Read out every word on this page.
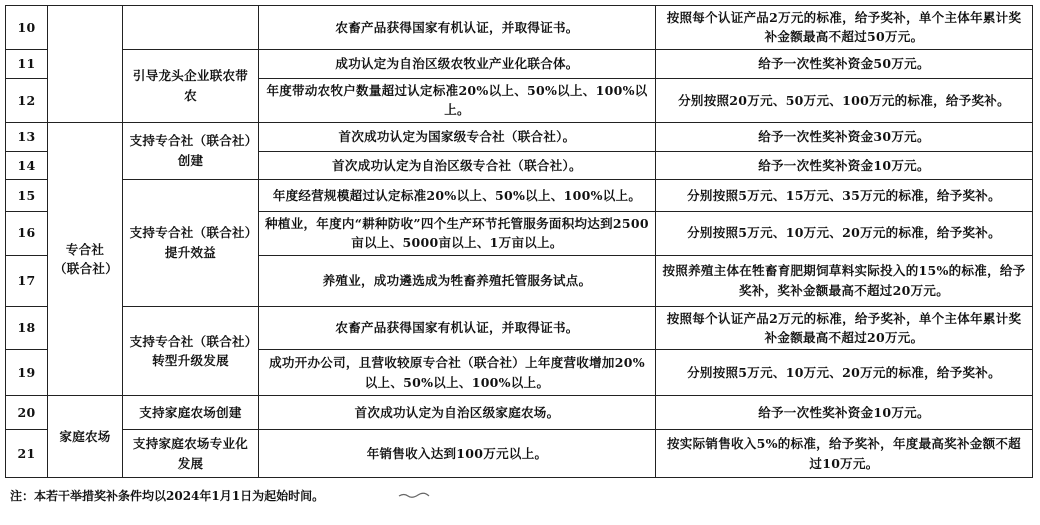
10			农畜产品获得国家有机认证，并取得证书。	按照每个认证产品2万元的标准，给予奖补，单个主体年累计奖补金额最高不超过50万元。
11		引导龙头企业联农带农	成功认定为自治区级农牧业产业化联合体。	给予一次性奖补资金50万元。
12			年度带动农牧户数量超过认定标准20%以上、50%以上、100%以上。	分别按照20万元、50万元、100万元的标准，给予奖补。
13	专合社（联合社）	支持专合社（联合社）创建	首次成功认定为国家级专合社（联合社）。	给予一次性奖补资金30万元。
14			首次成功认定为自治区级专合社（联合社）。	给予一次性奖补资金10万元。
15		支持专合社（联合社）提升效益	年度经营规模超过认定标准20%以上、50%以上、100%以上。	分别按照5万元、15万元、35万元的标准，给予奖补。
16			种植业，年度内“耕种防收”四个生产环节托管服务面积均达到2500亩以上、5000亩以上、1万亩以上。	分别按照5万元、10万元、20万元的标准，给予奖补。
17			养殖业，成功遴选成为牲畜养殖托管服务试点。	按照养殖主体在牲畜育肥期饲草料实际投入的15%的标准，给予奖补，奖补金额最高不超过20万元。
18		支持专合社（联合社）转型升级发展	农畜产品获得国家有机认证，并取得证书。	按照每个认证产品2万元的标准，给予奖补，单个主体年累计奖补金额最高不超过20万元。
19			成功开办公司，且营收较原专合社（联合社）上年度营收增加20%以上、50%以上、100%以上。	分别按照5万元、10万元、20万元的标准，给予奖补。
20	家庭农场	支持家庭农场创建	首次成功认定为自治区级家庭农场。	给予一次性奖补资金10万元。
21		支持家庭农场专业化发展	年销售收入达到100万元以上。	按实际销售收入5%的标准，给予奖补，年度最高奖补金额不超过10万元。
注：本若干举措奖补条件均以2024年1月1日为起始时间。
